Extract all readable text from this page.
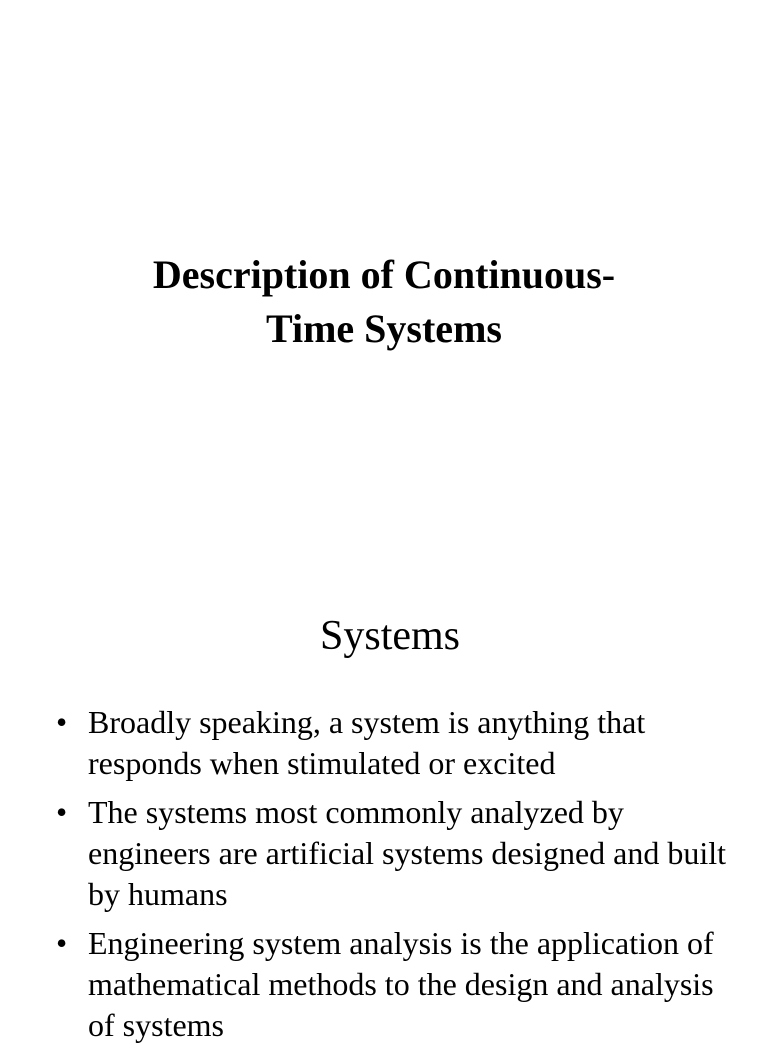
Description of Continuous-
Time Systems
Systems
• Broadly speaking, a system is anything that responds when stimulated or excited
• The systems most commonly analyzed by engineers are artificial systems designed and built by humans
• Engineering system analysis is the application of mathematical methods to the design and analysis of systems
